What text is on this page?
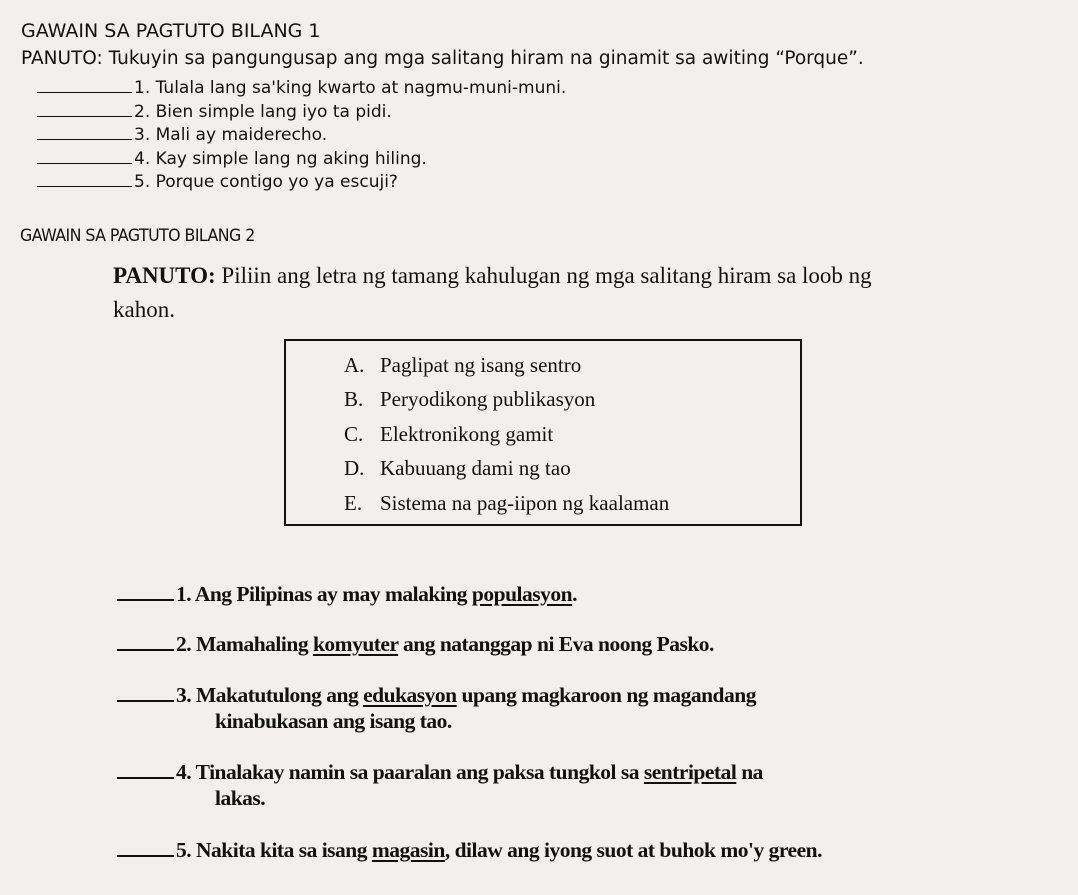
GAWAIN SA PAGTUTO BILANG 1
PANUTO: Tukuyin sa pangungusap ang mga salitang hiram na ginamit sa awiting “Porque”.
1. Tulala lang sa'king kwarto at nagmu-muni-muni.
2. Bien simple lang iyo ta pidi.
3. Mali ay maiderecho.
4. Kay simple lang ng aking hiling.
5. Porque contigo yo ya escuji?
GAWAIN SA PAGTUTO BILANG 2
PANUTO: Piliin ang letra ng tamang kahulugan ng mga salitang hiram sa loob ng
kahon.
A. Paglipat ng isang sentro
B. Peryodikong publikasyon
C. Elektronikong gamit
D. Kabuuang dami ng tao
E. Sistema na pag-iipon ng kaalaman
1. Ang Pilipinas ay may malaking populasyon.
2. Mamahaling komyuter ang natanggap ni Eva noong Pasko.
3. Makatutulong ang edukasyon upang magkaroon ng magandang
kinabukasan ang isang tao.
4. Tinalakay namin sa paaralan ang paksa tungkol sa sentripetal na
lakas.
5. Nakita kita sa isang magasin, dilaw ang iyong suot at buhok mo'y green.
